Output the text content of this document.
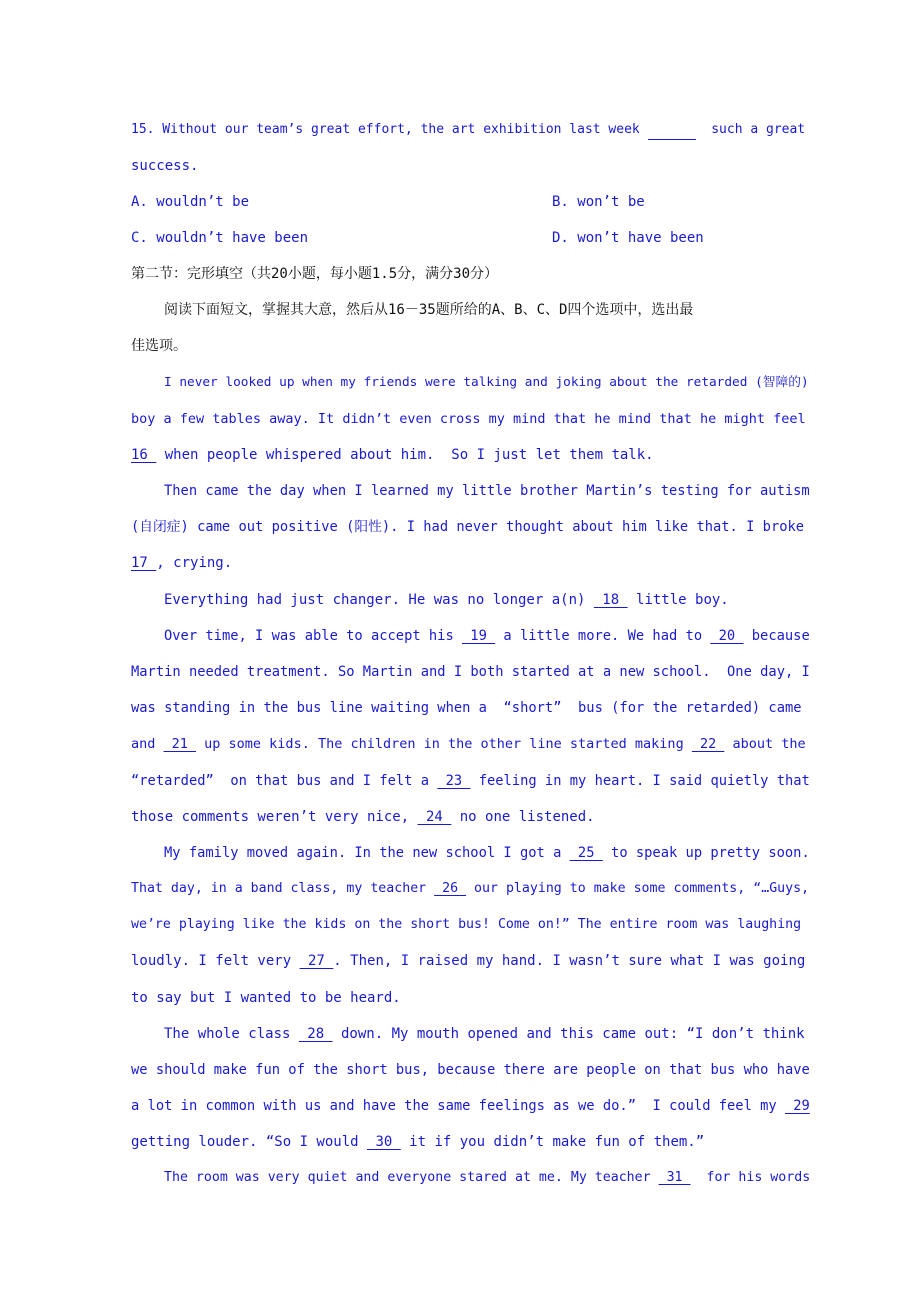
15. Without our team’s great effort, the art exhibition last week	such a great
success.
A. wouldn’t be	B. won’t be
C. wouldn’t have been	D. won’t have been
第二节：完形填空（共20小题，每小题1.5分，满分30分）
阅读下面短文，掌握其大意，然后从16－35题所给的A、B、C、D四个选项中，选出最
佳选项。
I never looked up when my friends were talking and joking about the retarded (智障的)
boy a few tables away. It didn’t even cross my mind that he mind that he might feel
16  when people whispered about him.  So I just let them talk.
Then came the day when I learned my little brother Martin’s testing for autism
(自闭症) came out positive (阳性). I had never thought about him like that. I broke
17 , crying.
Everything had just changer. He was no longer a(n)  18  little boy.
Over time, I was able to accept his  19  a little more. We had to  20  because
Martin needed treatment. So Martin and I both started at a new school.  One day, I
was standing in the bus line waiting when a  “short”  bus (for the retarded) came
and  21  up some kids. The children in the other line started making  22  about the
“retarded”  on that bus and I felt a  23  feeling in my heart. I said quietly that
those comments weren’t very nice,  24  no one listened.
My family moved again. In the new school I got a  25  to speak up pretty soon.
That day, in a band class, my teacher  26  our playing to make some comments, “…Guys,
we’re playing like the kids on the short bus! Come on!” The entire room was laughing
loudly. I felt very  27 . Then, I raised my hand. I wasn’t sure what I was going
to say but I wanted to be heard.
The whole class  28  down. My mouth opened and this came out: “I don’t think
we should make fun of the short bus, because there are people on that bus who have
a lot in common with us and have the same feelings as we do.”  I could feel my  29
getting louder. “So I would  30  it if you didn’t make fun of them.”
The room was very quiet and everyone stared at me. My teacher  31   for his words
